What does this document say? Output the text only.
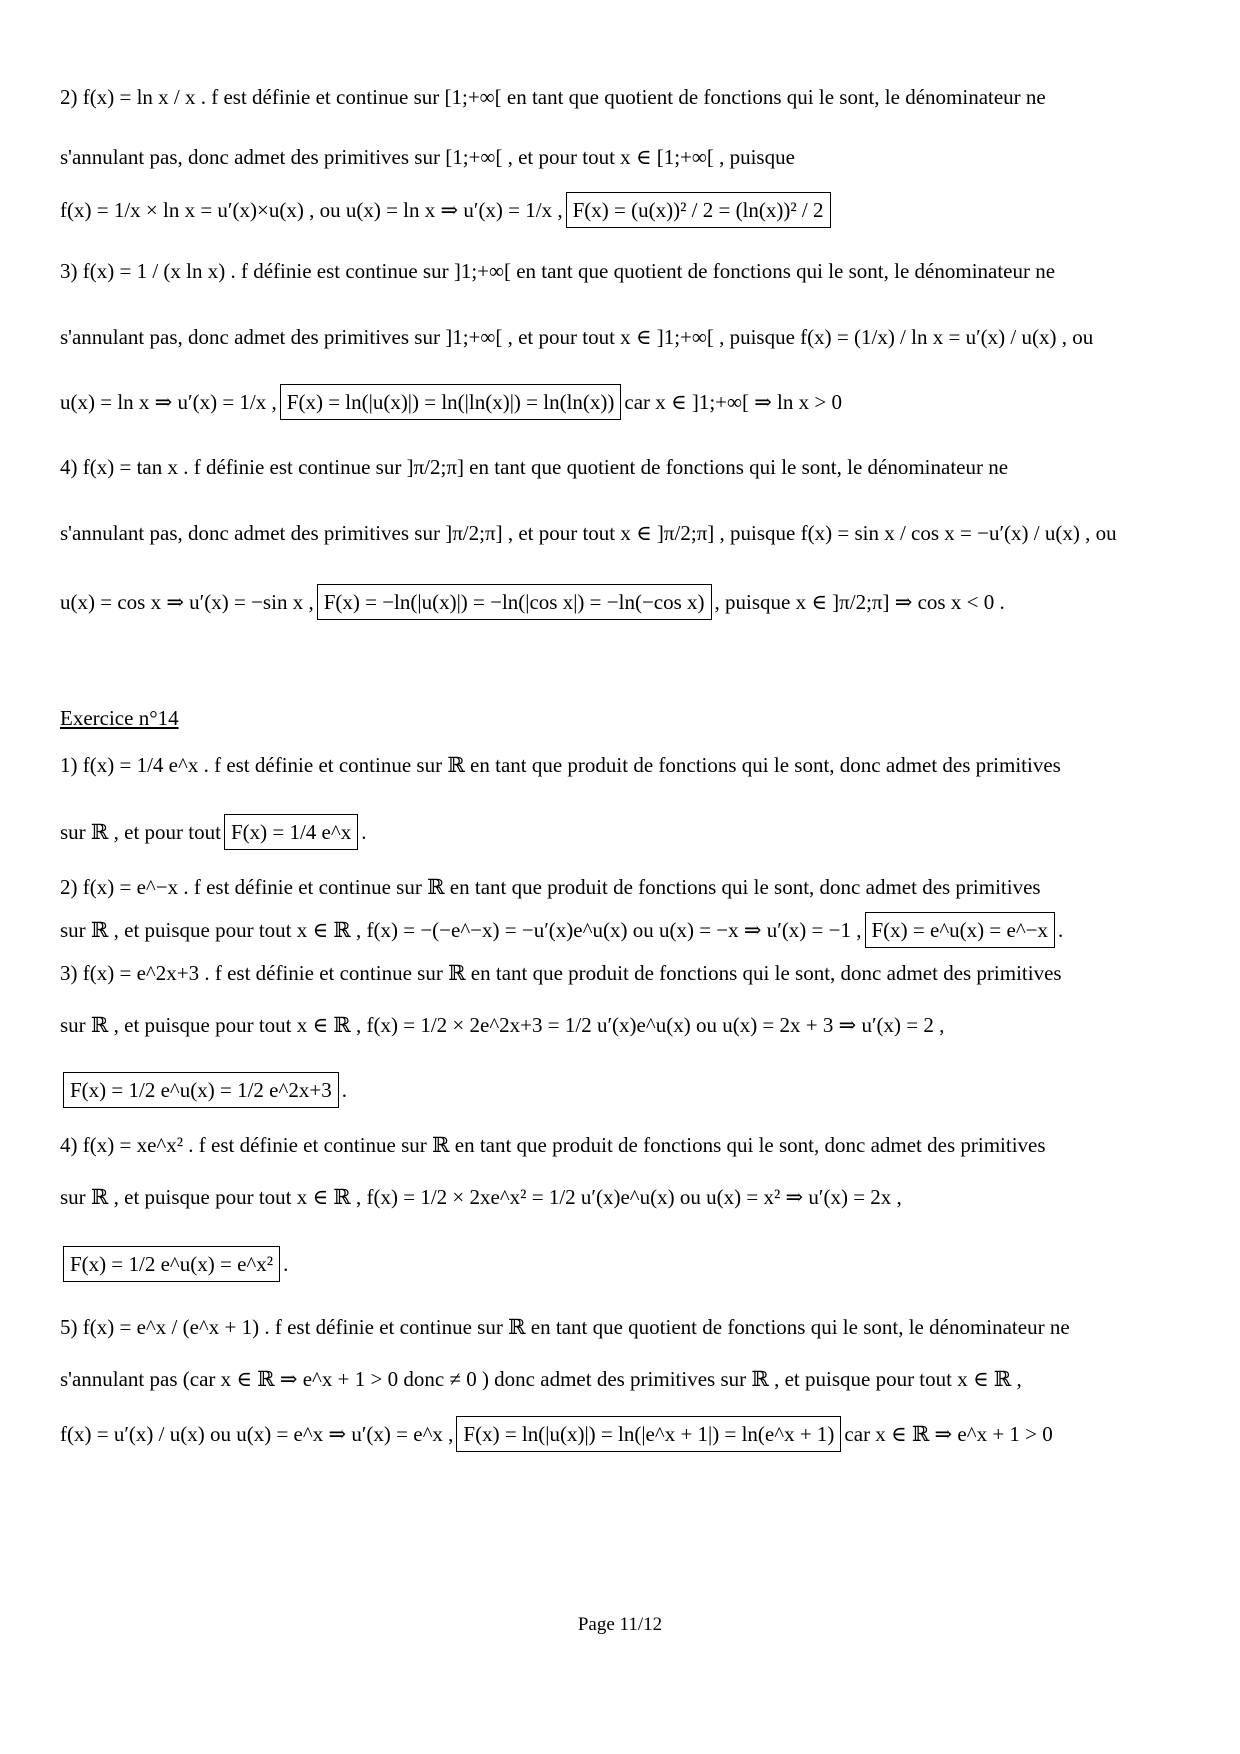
2) f(x) = ln x / x . f est définie et continue sur [1;+∞[ en tant que quotient de fonctions qui le sont, le dénominateur ne
s'annulant pas, donc admet des primitives sur [1;+∞[ , et pour tout x ∈ [1;+∞[ , puisque
f(x) = 1/x × ln x = u′(x)×u(x) , ou u(x) = ln x ⇒ u′(x) = 1/x , F(x) = (u(x))² / 2 = (ln(x))² / 2
3) f(x) = 1 / (x ln x) . f définie est continue sur ]1;+∞[ en tant que quotient de fonctions qui le sont, le dénominateur ne
s'annulant pas, donc admet des primitives sur ]1;+∞[ , et pour tout x ∈ ]1;+∞[ , puisque f(x) = (1/x) / ln x = u′(x) / u(x) , ou
u(x) = ln x ⇒ u′(x) = 1/x , F(x) = ln(|u(x)|) = ln(|ln(x)|) = ln(ln(x)) car x ∈ ]1;+∞[ ⇒ ln x > 0
4) f(x) = tan x . f définie est continue sur ]π/2;π] en tant que quotient de fonctions qui le sont, le dénominateur ne
s'annulant pas, donc admet des primitives sur ]π/2;π] , et pour tout x ∈ ]π/2;π] , puisque f(x) = sin x / cos x = −u′(x) / u(x) , ou
u(x) = cos x ⇒ u′(x) = −sin x , F(x) = −ln(|u(x)|) = −ln(|cos x|) = −ln(−cos x) , puisque x ∈ ]π/2;π] ⇒ cos x < 0 .
Exercice n°14
1) f(x) = 1/4 e^x . f est définie et continue sur ℝ en tant que produit de fonctions qui le sont, donc admet des primitives
sur ℝ , et pour tout F(x) = 1/4 e^x .
2) f(x) = e^−x . f est définie et continue sur ℝ en tant que produit de fonctions qui le sont, donc admet des primitives
sur ℝ , et puisque pour tout x ∈ ℝ , f(x) = −(−e^−x) = −u′(x)e^u(x) ou u(x) = −x ⇒ u′(x) = −1 , F(x) = e^u(x) = e^−x .
3) f(x) = e^2x+3 . f est définie et continue sur ℝ en tant que produit de fonctions qui le sont, donc admet des primitives
sur ℝ , et puisque pour tout x ∈ ℝ , f(x) = 1/2 × 2e^2x+3 = 1/2 u′(x)e^u(x) ou u(x) = 2x + 3 ⇒ u′(x) = 2 ,
F(x) = 1/2 e^u(x) = 1/2 e^2x+3 .
4) f(x) = xe^x² . f est définie et continue sur ℝ en tant que produit de fonctions qui le sont, donc admet des primitives
sur ℝ , et puisque pour tout x ∈ ℝ , f(x) = 1/2 × 2xe^x² = 1/2 u′(x)e^u(x) ou u(x) = x² ⇒ u′(x) = 2x ,
F(x) = 1/2 e^u(x) = e^x² .
5) f(x) = e^x / (e^x + 1) . f est définie et continue sur ℝ en tant que quotient de fonctions qui le sont, le dénominateur ne
s'annulant pas (car x ∈ ℝ ⇒ e^x + 1 > 0 donc ≠ 0 ) donc admet des primitives sur ℝ , et puisque pour tout x ∈ ℝ ,
f(x) = u′(x) / u(x) ou u(x) = e^x ⇒ u′(x) = e^x , F(x) = ln(|u(x)|) = ln(|e^x + 1|) = ln(e^x + 1) car x ∈ ℝ ⇒ e^x + 1 > 0
Page 11/12
